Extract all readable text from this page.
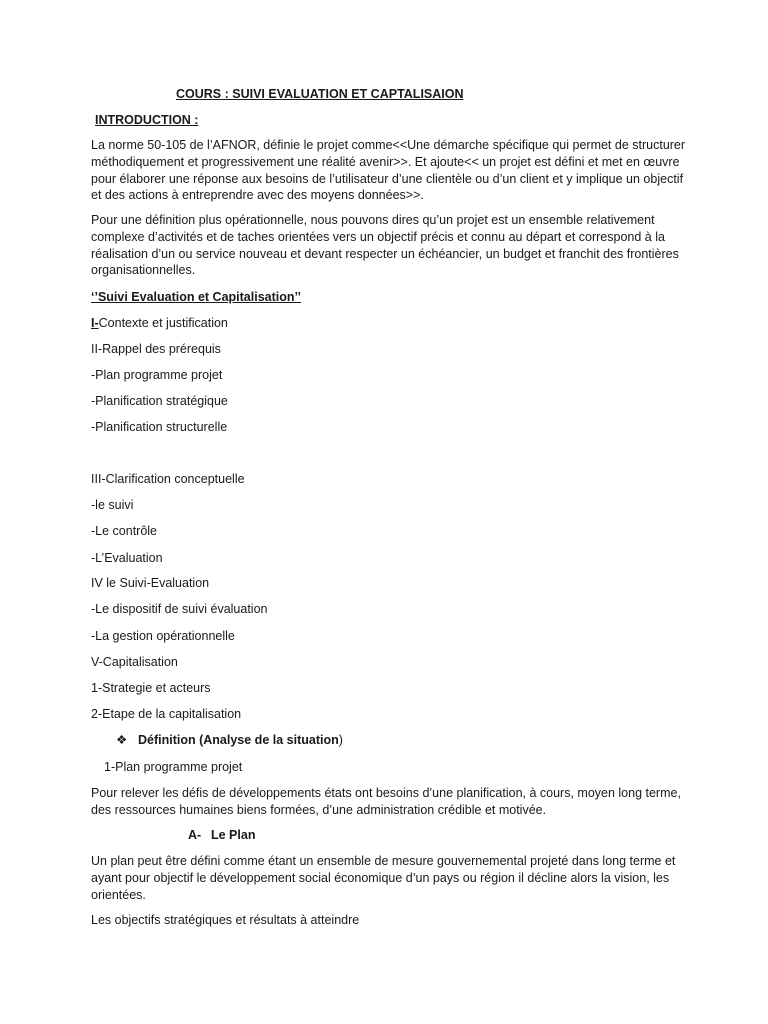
COURS : SUIVI EVALUATION ET CAPTALISAION
INTRODUCTION :
La norme 50-105 de l’AFNOR, définie le projet comme<<Une démarche spécifique qui permet de structurer méthodiquement et progressivement une réalité avenir>>. Et ajoute<< un projet est défini et met en œuvre pour élaborer une réponse aux besoins de l’utilisateur d’une clientèle ou d’un client et y implique un objectif et des actions à entreprendre avec des moyens données>>.
Pour une définition plus opérationnelle, nous pouvons dires qu’un projet est un ensemble relativement complexe d’activités et de taches orientées vers un objectif précis et connu au départ et correspond à la réalisation d’un ou service nouveau et devant respecter un échéancier, un budget et franchit des frontières organisationnelles.
‘’Suivi Evaluation et Capitalisation’’
I-Contexte et justification
II-Rappel des prérequis
-Plan programme projet
-Planification stratégique
-Planification structurelle
III-Clarification conceptuelle
-le suivi
-Le contrôle
-L’Evaluation
IV le Suivi-Evaluation
-Le dispositif de suivi évaluation
-La gestion opérationnelle
V-Capitalisation
1-Strategie et acteurs
2-Etape de la capitalisation
❖ Définition (Analyse de la situation)
1-Plan programme projet
Pour relever les défis de développements états ont besoins d’une planification, à cours, moyen long terme, des ressources humaines biens formées, d’une administration crédible et motivée.
A- Le Plan
Un plan peut être défini comme étant un ensemble de mesure gouvernemental projeté dans long terme et ayant pour objectif le développement social économique d’un pays ou région il décline alors la vision, les orientées.
Les objectifs stratégiques et résultats à atteindre
